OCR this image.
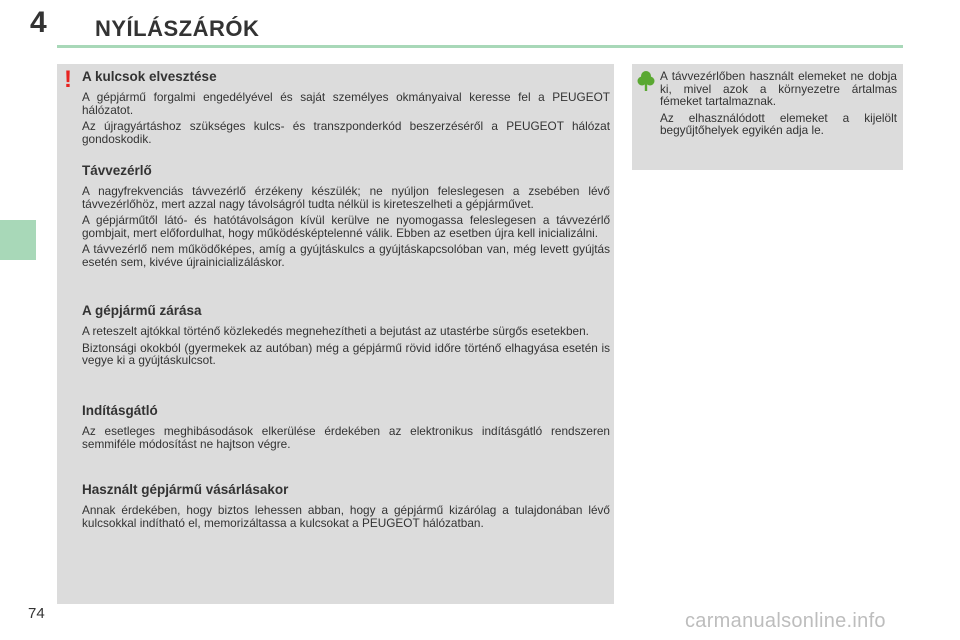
4 NYÍLÁSZÁRÓK
! A kulcsok elvesztése

A gépjármű forgalmi engedélyével és saját személyes okmányaival keresse fel a PEUGEOT hálózatot.

Az újragyártáshoz szükséges kulcs- és transzponderkód beszerzéséről a PEUGEOT hálózat gondoskodik.

Távvezérlő

A nagyfrekvenciás távvezérlő érzékeny készülék; ne nyúljon feleslegesen a zsebében lévő távvezérlőhöz, mert azzal nagy távolságról tudta nélkül is kireteszelheti a gépjárművet.

A gépjárműtől látó- és hatótávolságon kívül kerülve ne nyomogassa feleslegesen a távvezérlő gombjait, mert előfordulhat, hogy működésképtelenné válik. Ebben az esetben újra kell inicializálni.

A távvezérlő nem működőképes, amíg a gyújtáskulcs a gyújtáskapcsolóban van, még levett gyújtás esetén sem, kivéve újrainicializáláskor.

A gépjármű zárása

A reteszelt ajtókkal történő közlekedés megnehezítheti a bejutást az utastérbe sürgős esetekben.

Biztonsági okokból (gyermekek az autóban) még a gépjármű rövid időre történő elhagyása esetén is vegye ki a gyújtáskulcsot.

Indításgátló

Az esetleges meghibásodások elkerülése érdekében az elektronikus indításgátló rendszeren semmiféle módosítást ne hajtson végre.

Használt gépjármű vásárlásakor

Annak érdekében, hogy biztos lehessen abban, hogy a gépjármű kizárólag a tulajdonában lévő kulcsokkal indítható el, memorizáltassa a kulcsokat a PEUGEOT hálózatban.

A távvezérlőben használt elemeket ne dobja ki, mivel azok a környezetre ártalmas fémeket tartalmaznak.

Az elhasználódott elemeket a kijelölt begyűjtőhelyek egyikén adja le.

74	carmanualsonline.info
